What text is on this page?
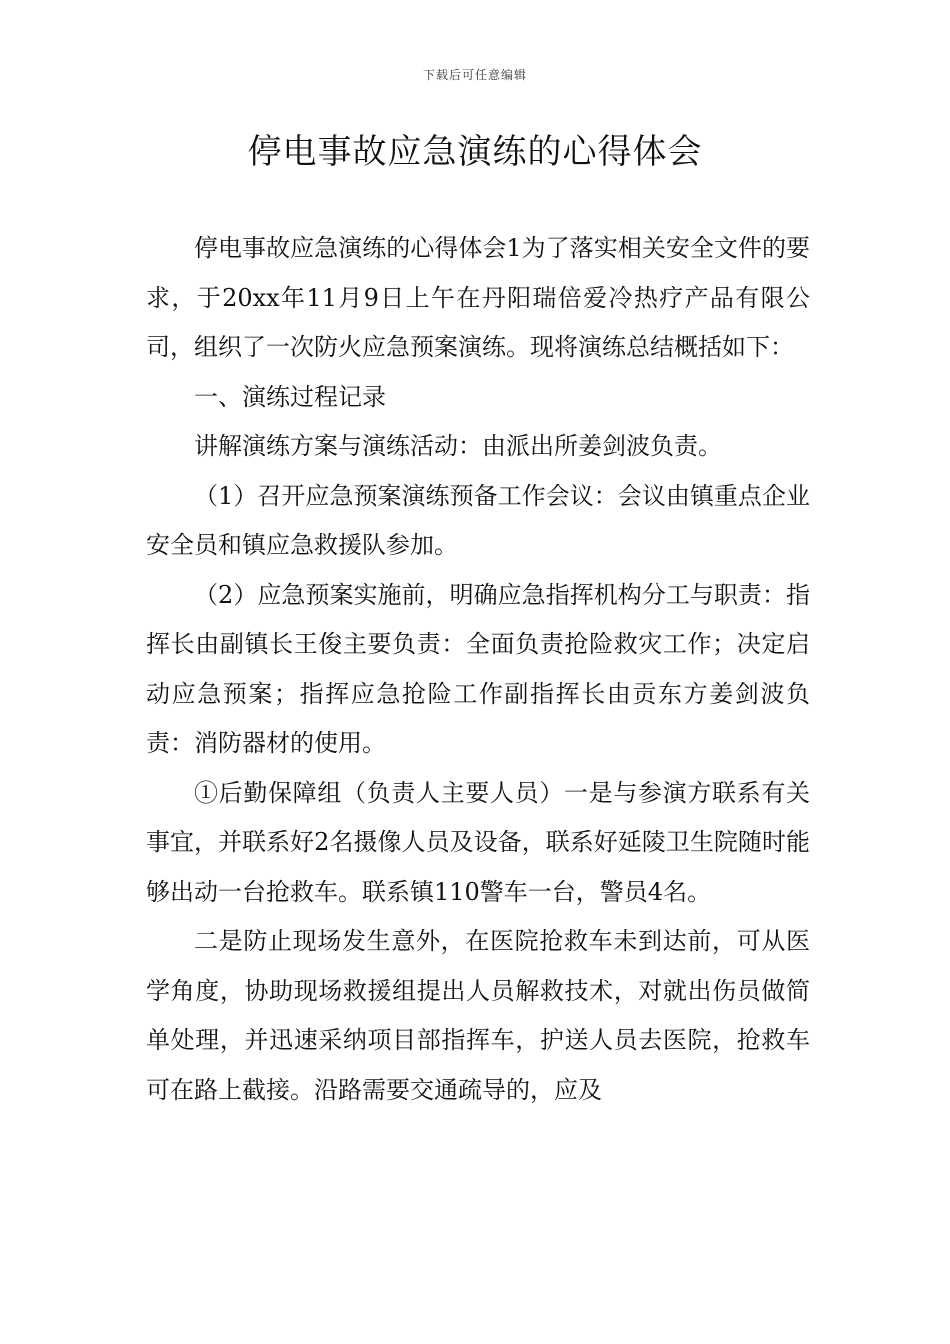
下载后可任意编辑
停电事故应急演练的心得体会

停电事故应急演练的心得体会1为了落实相关安全文件的要求，于20xx年11月9日上午在丹阳瑞倍爱冷热疗产品有限公司，组织了一次防火应急预案演练。现将演练总结概括如下：

一、演练过程记录

讲解演练方案与演练活动：由派出所姜剑波负责。

（1）召开应急预案演练预备工作会议：会议由镇重点企业安全员和镇应急救援队参加。

（2）应急预案实施前，明确应急指挥机构分工与职责：指挥长由副镇长王俊主要负责：全面负责抢险救灾工作；决定启动应急预案；指挥应急抢险工作副指挥长由贡东方姜剑波负责：消防器材的使用。

①后勤保障组（负责人主要人员）一是与参演方联系有关事宜，并联系好2名摄像人员及设备，联系好延陵卫生院随时能够出动一台抢救车。联系镇110警车一台，警员4名。

二是防止现场发生意外，在医院抢救车未到达前，可从医学角度，协助现场救援组提出人员解救技术，对就出伤员做简单处理，并迅速采纳项目部指挥车，护送人员去医院，抢救车可在路上截接。沿路需要交通疏导的，应及
